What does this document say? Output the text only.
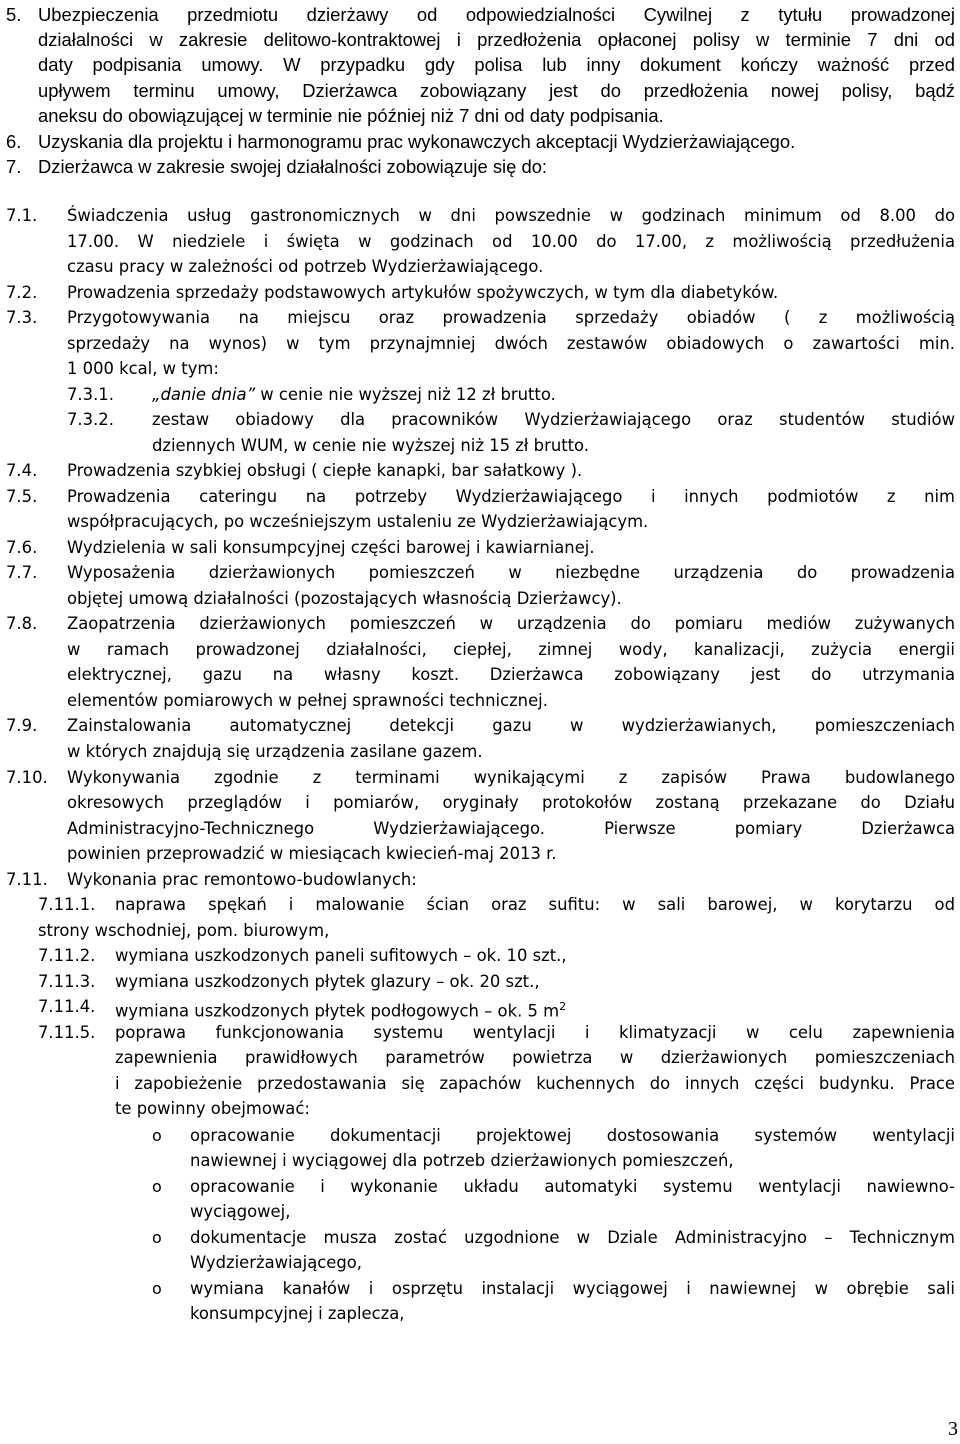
5. Ubezpieczenia przedmiotu dzierżawy od odpowiedzialności Cywilnej z tytułu prowadzonej
działalności w zakresie delitowo-kontraktowej i przedłożenia opłaconej polisy w terminie 7 dni od
daty podpisania umowy. W przypadku gdy polisa lub inny dokument kończy ważność przed
upływem terminu umowy, Dzierżawca zobowiązany jest do przedłożenia nowej polisy, bądź
aneksu do obowiązującej w terminie nie później niż 7 dni od daty podpisania.
6. Uzyskania dla projektu i harmonogramu prac wykonawczych akceptacji Wydzierżawiającego.
7. Dzierżawca w zakresie swojej działalności zobowiązuje się do:
7.1. Świadczenia usług gastronomicznych w dni powszednie w godzinach minimum od 8.00 do
17.00. W niedziele i święta w godzinach od 10.00 do 17.00, z możliwością przedłużenia
czasu pracy w zależności od potrzeb Wydzierżawiającego.
7.2. Prowadzenia sprzedaży podstawowych artykułów spożywczych, w tym dla diabetyków.
7.3. Przygotowywania na miejscu oraz prowadzenia sprzedaży obiadów ( z możliwością
sprzedaży na wynos) w tym przynajmniej dwóch zestawów obiadowych o zawartości min.
1 000 kcal, w tym:
7.3.1. „danie dnia” w cenie nie wyższej niż 12 zł brutto.
7.3.2. zestaw obiadowy dla pracowników Wydzierżawiającego oraz studentów studiów
dziennych WUM, w cenie nie wyższej niż 15 zł brutto.
7.4. Prowadzenia szybkiej obsługi ( ciepłe kanapki, bar sałatkowy ).
7.5. Prowadzenia cateringu na potrzeby Wydzierżawiającego i innych podmiotów z nim
współpracujących, po wcześniejszym ustaleniu ze Wydzierżawiającym.
7.6. Wydzielenia w sali konsumpcyjnej części barowej i kawiarnianej.
7.7. Wyposażenia dzierżawionych pomieszczeń w niezbędne urządzenia do prowadzenia
objętej umową działalności (pozostających własnością Dzierżawcy).
7.8. Zaopatrzenia dzierżawionych pomieszczeń w urządzenia do pomiaru mediów zużywanych
w ramach prowadzonej działalności, ciepłej, zimnej wody, kanalizacji, zużycia energii
elektrycznej, gazu na własny koszt. Dzierżawca zobowiązany jest do utrzymania
elementów pomiarowych w pełnej sprawności technicznej.
7.9. Zainstalowania automatycznej detekcji gazu w wydzierżawianych, pomieszczeniach
w których znajdują się urządzenia zasilane gazem.
7.10. Wykonywania zgodnie z terminami wynikającymi z zapisów Prawa budowlanego
okresowych przeglądów i pomiarów, oryginały protokołów zostaną przekazane do Działu
Administracyjno-Technicznego Wydzierżawiającego. Pierwsze pomiary Dzierżawca
powinien przeprowadzić w miesiącach kwiecień-maj 2013 r.
7.11. Wykonania prac remontowo-budowlanych:
7.11.1. naprawa spękań i malowanie ścian oraz sufitu: w sali barowej, w korytarzu od
strony wschodniej, pom. biurowym,
7.11.2. wymiana uszkodzonych paneli sufitowych – ok. 10 szt.,
7.11.3. wymiana uszkodzonych płytek glazury – ok. 20 szt.,
7.11.4. wymiana uszkodzonych płytek podłogowych – ok. 5 $m^2$
7.11.5. poprawa funkcjonowania systemu wentylacji i klimatyzacji w celu zapewnienia
zapewnienia prawidłowych parametrów powietrza w dzierżawionych pomieszczeniach
i zapobieżenie przedostawania się zapachów kuchennych do innych części budynku. Prace
te powinny obejmować:
o opracowanie dokumentacji projektowej dostosowania systemów wentylacji
nawiewnej i wyciągowej dla potrzeb dzierżawionych pomieszczeń,
o opracowanie i wykonanie układu automatyki systemu wentylacji nawiewno-
wyciągowej,
o dokumentacje musza zostać uzgodnione w Dziale Administracyjno – Technicznym
Wydzierżawiającego,
o wymiana kanałów i osprzętu instalacji wyciągowej i nawiewnej w obrębie sali
konsumpcyjnej i zaplecza,
3
